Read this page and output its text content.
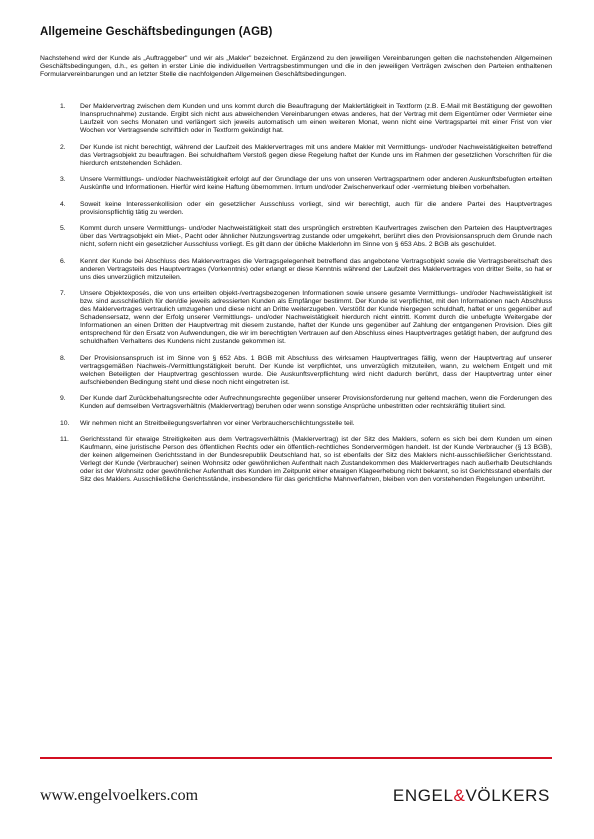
Allgemeine Geschäftsbedingungen (AGB)

Nachstehend wird der Kunde als „Auftraggeber" und wir als „Makler" bezeichnet. Ergänzend zu den jeweiligen Vereinbarungen gelten die nachstehenden Allgemeinen Geschäftsbedingungen, d.h., es gelten in erster Linie die individuellen Vertragsbestimmungen und die in den jeweiligen Verträgen zwischen den Parteien enthaltenen Formularvereinbarungen und an letzter Stelle die nachfolgenden Allgemeinen Geschäftsbedingungen.

1. Der Maklervertrag zwischen dem Kunden und uns kommt durch die Beauftragung der Maklertätigkeit in Textform (z.B. E-Mail mit Bestätigung der gewollten Inanspruchnahme) zustande. Ergibt sich nicht aus abweichenden Vereinbarungen etwas anderes, hat der Vertrag mit dem Eigentümer oder Vermieter eine Laufzeit von sechs Monaten und verlängert sich jeweils automatisch um einen weiteren Monat, wenn nicht eine Vertragspartei mit einer Frist von vier Wochen vor Vertragsende schriftlich oder in Textform gekündigt hat.
2. Der Kunde ist nicht berechtigt, während der Laufzeit des Maklervertrages mit uns andere Makler mit Vermittlungs- und/oder Nachweistätigkeiten betreffend das Vertragsobjekt zu beauftragen. Bei schuldhaftem Verstoß gegen diese Regelung haftet der Kunde uns im Rahmen der gesetzlichen Vorschriften für die hierdurch entstehenden Schäden.
3. Unsere Vermittlungs- und/oder Nachweistätigkeit erfolgt auf der Grundlage der uns von unseren Vertragspartnern oder anderen Auskunftsbefugten erteilten Auskünfte und Informationen. Hierfür wird keine Haftung übernommen. Irrtum und/oder Zwischenverkauf oder -vermietung bleiben vorbehalten.
4. Soweit keine Interessenkollision oder ein gesetzlicher Ausschluss vorliegt, sind wir berechtigt, auch für die andere Partei des Hauptvertrages provisionspflichtig tätig zu werden.
5. Kommt durch unsere Vermittlungs- und/oder Nachweistätigkeit statt des ursprünglich erstrebten Kaufvertrages zwischen den Parteien des Hauptvertrages über das Vertragsobjekt ein Miet-, Pacht oder ähnlicher Nutzungsvertrag zustande oder umgekehrt, berührt dies den Provisionsanspruch dem Grunde nach nicht, sofern nicht ein gesetzlicher Ausschluss vorliegt. Es gilt dann der übliche Maklerlohn im Sinne von § 653 Abs. 2 BGB als geschuldet.
6. Kennt der Kunde bei Abschluss des Maklervertrages die Vertragsgelegenheit betreffend das angebotene Vertragsobjekt sowie die Vertragsbereitschaft des anderen Vertragsteils des Hauptvertrages (Vorkenntnis) oder erlangt er diese Kenntnis während der Laufzeit des Maklervertrages von dritter Seite, so hat er uns dies unverzüglich mitzuteilen.
7. Unsere Objektexposés, die von uns erteilten objekt-/vertragsbezogenen Informationen sowie unsere gesamte Vermittlungs- und/oder Nachweistätigkeit ist bzw. sind ausschließlich für den/die jeweils adressierten Kunden als Empfänger bestimmt. Der Kunde ist verpflichtet, mit den Informationen nach Abschluss des Maklervertrages vertraulich umzugehen und diese nicht an Dritte weiterzugeben. Verstößt der Kunde hiergegen schuldhaft, haftet er uns gegenüber auf Schadensersatz, wenn der Erfolg unserer Vermittlungs- und/oder Nachweistätigkeit hierdurch nicht eintritt. Kommt durch die unbefugte Weitergabe der Informationen an einen Dritten der Hauptvertrag mit diesem zustande, haftet der Kunde uns gegenüber auf Zahlung der entgangenen Provision. Dies gilt entsprechend für den Ersatz von Aufwendungen, die wir im berechtigten Vertrauen auf den Abschluss eines Hauptvertrages getätigt haben, der aufgrund des schuldhaften Verhaltens des Kundens nicht zustande gekommen ist.
8. Der Provisionsanspruch ist im Sinne von § 652 Abs. 1 BGB mit Abschluss des wirksamen Hauptvertrages fällig, wenn der Hauptvertrag auf unserer vertragsgemäßen Nachweis-/Vermittlungstätigkeit beruht. Der Kunde ist verpflichtet, uns unverzüglich mitzuteilen, wann, zu welchem Entgelt und mit welchen Beteiligten der Hauptvertrag geschlossen wurde. Die Auskunftsverpflichtung wird nicht dadurch berührt, dass der Hauptvertrag unter einer aufschiebenden Bedingung steht und diese noch nicht eingetreten ist.
9. Der Kunde darf Zurückbehaltungsrechte oder Aufrechnungsrechte gegenüber unserer Provisionsforderung nur geltend machen, wenn die Forderungen des Kunden auf demselben Vertragsverhältnis (Maklervertrag) beruhen oder wenn sonstige Ansprüche unbestritten oder rechtskräftig tituliert sind.
10. Wir nehmen nicht an Streitbeilegungsverfahren vor einer Verbraucherschlichtungsstelle teil.
11. Gerichtsstand für etwaige Streitigkeiten aus dem Vertragsverhältnis (Maklervertrag) ist der Sitz des Maklers, sofern es sich bei dem Kunden um einen Kaufmann, eine juristische Person des öffentlichen Rechts oder ein öffentlich-rechtliches Sondervermögen handelt. Ist der Kunde Verbraucher (§ 13 BGB), der keinen allgemeinen Gerichtsstand in der Bundesrepublik Deutschland hat, so ist ebenfalls der Sitz des Maklers nicht-ausschließlicher Gerichtsstand. Verlegt der Kunde (Verbraucher) seinen Wohnsitz oder gewöhnlichen Aufenthalt nach Zustandekommen des Maklervertrages nach außerhalb Deutschlands oder ist der Wohnsitz oder gewöhnlicher Aufenthalt des Kunden im Zeitpunkt einer etwaigen Klageerhebung nicht bekannt, so ist Gerichtsstand ebenfalls der Sitz des Maklers. Ausschließliche Gerichtsstände, insbesondere für das gerichtliche Mahnverfahren, bleiben von den vorstehenden Regelungen unberührt.
www.engelvoelkers.com	ENGEL&VÖLKERS
